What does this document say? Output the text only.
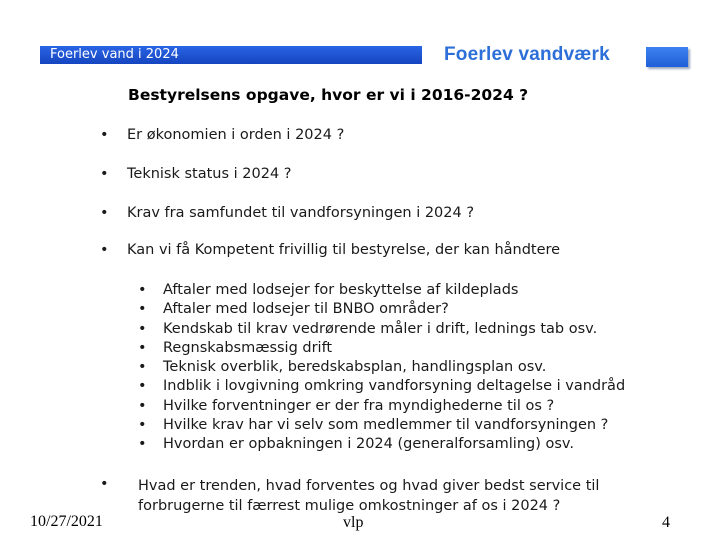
Foerlev vand i 2024	Foerlev vandværk
Bestyrelsens opgave, hvor er vi i 2016-2024 ?
• Er økonomien i orden i 2024 ?
• Teknisk status i 2024 ?
• Krav fra samfundet til vandforsyningen i 2024 ?
• Kan vi få Kompetent frivillig til bestyrelse, der kan håndtere
• Aftaler med lodsejer for beskyttelse af kildeplads
• Aftaler med lodsejer til BNBO områder?
• Kendskab til krav vedrørende måler i drift, lednings tab osv.
• Regnskabsmæssig drift
• Teknisk overblik, beredskabsplan, handlingsplan osv.
• Indblik i lovgivning omkring vandforsyning deltagelse i vandråd
• Hvilke forventninger er der fra myndighederne til os ?
• Hvilke krav har vi selv som medlemmer til vandforsyningen ?
• Hvordan er opbakningen i 2024 (generalforsamling) osv.
• Hvad er trenden, hvad forventes og hvad giver bedst service til forbrugerne til færrest mulige omkostninger af os i 2024 ?
10/27/2021	vlp	4
